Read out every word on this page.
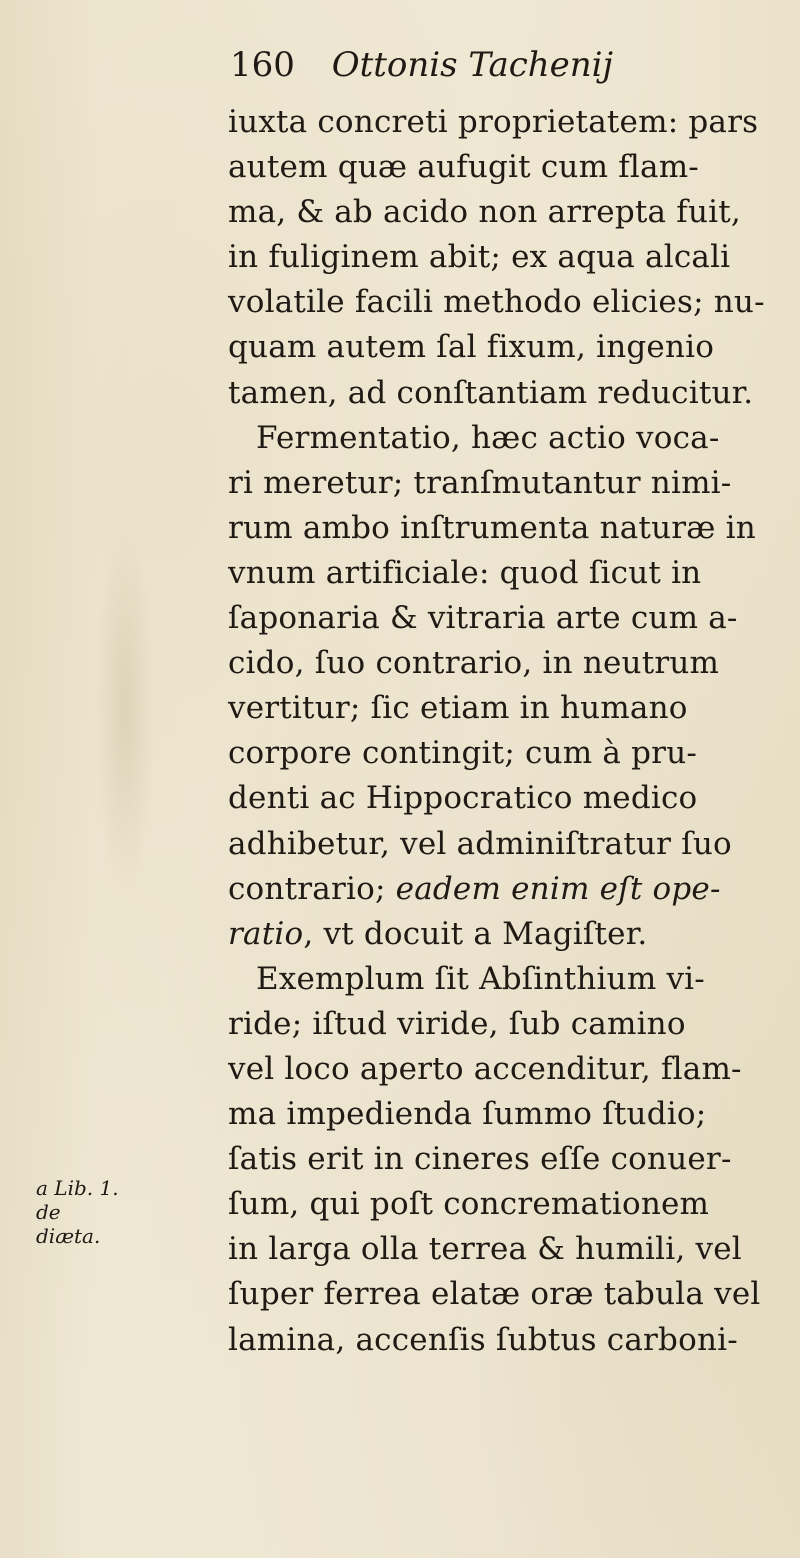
160 Ottonis Tachenij
iuxta concreti proprietatem: pars
autem quæ aufugit cum flam-
ma, & ab acido non arrepta fuit,
in fuliginem abit; ex aqua alcali
volatile facili methodo elicies; nu-
quam autem ſal fixum, ingenio
tamen, ad conſtantiam reducitur.
Fermentatio, hæc actio voca-
ri meretur; tranſmutantur nimi-
rum ambo inſtrumenta naturæ in
vnum artificiale: quod ſicut in
ſaponaria & vitraria arte cum a-
cido, ſuo contrario, in neutrum
vertitur; ſic etiam in humano
corpore contingit; cum à pru-
denti ac Hippocratico medico
adhibetur, vel adminiſtratur ſuo
contrario; eadem enim eſt ope-
ratio, vt docuit a Magiſter.
Exemplum ſit Abſinthium vi-
ride; iſtud viride, ſub camino
vel loco aperto accenditur, flam-
ma impedienda ſummo ſtudio;
ſatis erit in cineres eſſe conuer-
ſum, qui poſt concremationem
in larga olla terrea & humili, vel
ſuper ferrea elatæ oræ tabula vel
lamina, accenſis ſubtus carboni-
a Lib. 1. de
diæta.
